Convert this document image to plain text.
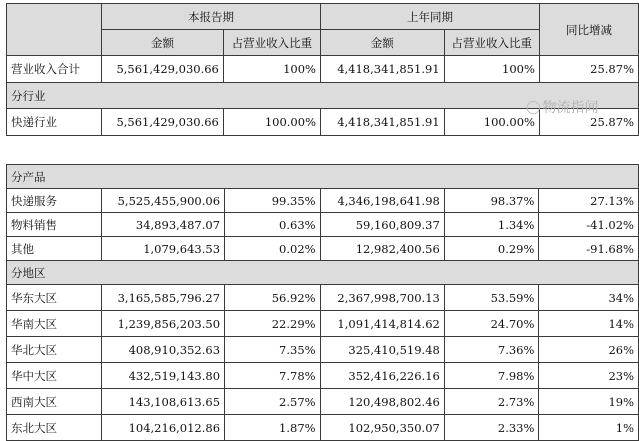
	本报告期		上年同期		同比增减
	金额	占营业收入比重	金额	占营业收入比重	
营业收入合计	5,561,429,030.66	100%	4,418,341,851.91	100%	25.87%
分行业					
快递行业	5,561,429,030.66	100.00%	4,418,341,851.91	100.00%	25.87%
◯ 物流指闻
分产品					
快递服务	5,525,455,900.06	99.35%	4,346,198,641.98	98.37%	27.13%
物料销售	34,893,487.07	0.63%	59,160,809.37	1.34%	-41.02%
其他	1,079,643.53	0.02%	12,982,400.56	0.29%	-91.68%
分地区					
华东大区	3,165,585,796.27	56.92%	2,367,998,700.13	53.59%	34%
华南大区	1,239,856,203.50	22.29%	1,091,414,814.62	24.70%	14%
华北大区	408,910,352.63	7.35%	325,410,519.48	7.36%	26%
华中大区	432,519,143.80	7.78%	352,416,226.16	7.98%	23%
西南大区	143,108,613.65	2.57%	120,498,802.46	2.73%	19%
东北大区	104,216,012.86	1.87%	102,950,350.07	2.33%	1%
